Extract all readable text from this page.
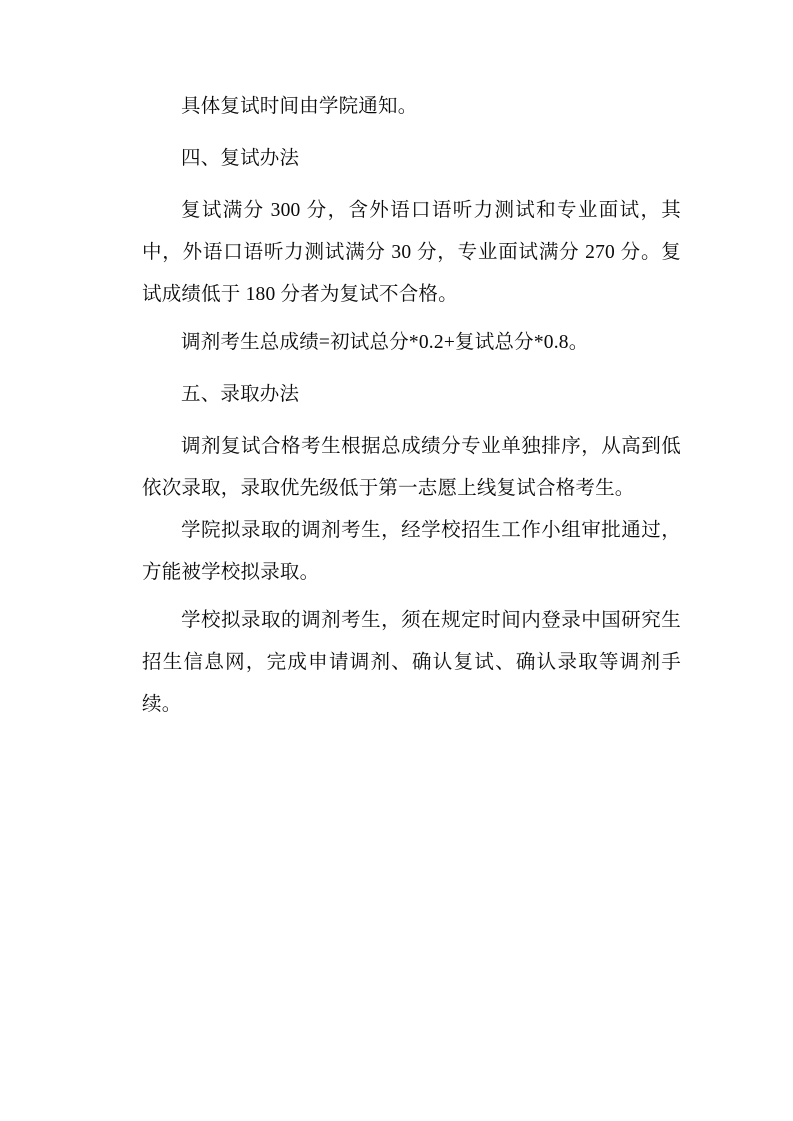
具体复试时间由学院通知。

四、复试办法

复试满分 300 分，含外语口语听力测试和专业面试，其中，外语口语听力测试满分 30 分，专业面试满分 270 分。复试成绩低于 180 分者为复试不合格。

调剂考生总成绩=初试总分*0.2+复试总分*0.8。

五、录取办法

调剂复试合格考生根据总成绩分专业单独排序，从高到低依次录取，录取优先级低于第一志愿上线复试合格考生。

学院拟录取的调剂考生，经学校招生工作小组审批通过，方能被学校拟录取。

学校拟录取的调剂考生，须在规定时间内登录中国研究生招生信息网，完成申请调剂、确认复试、确认录取等调剂手续。
